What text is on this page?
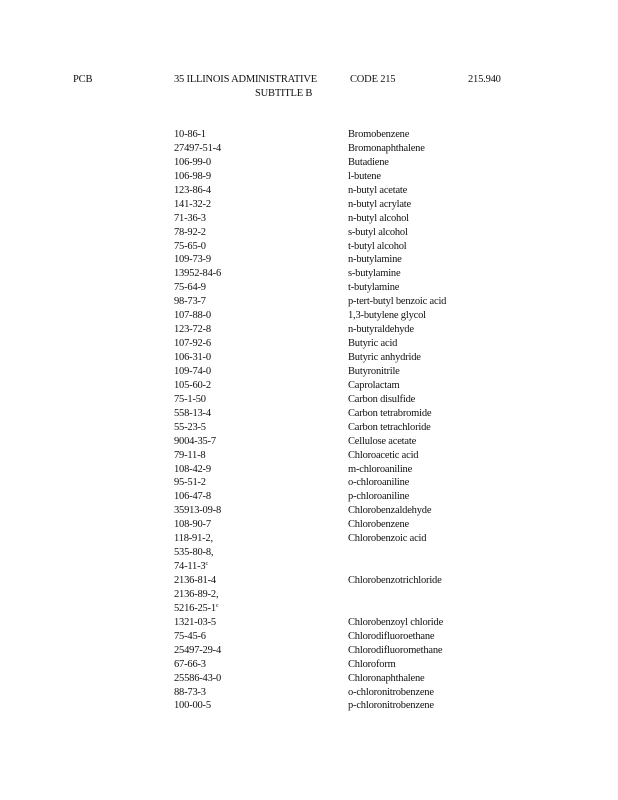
PCB	35 ILLINOIS ADMINISTRATIVE
SUBTITLE B
CODE 215	215.940
10-86-1	Bromobenzene
27497-51-4	Bromonaphthalene
106-99-0	Butadiene
106-98-9	l-butene
123-86-4	n-butyl acetate
141-32-2	n-butyl acrylate
71-36-3	n-butyl alcohol
78-92-2	s-butyl alcohol
75-65-0	t-butyl alcohol
109-73-9	n-butylamine
13952-84-6	s-butylamine
75-64-9	t-butylamine
98-73-7	p-tert-butyl benzoic acid
107-88-0	1,3-butylene glycol
123-72-8	n-butyraldehyde
107-92-6	Butyric acid
106-31-0	Butyric anhydride
109-74-0	Butyronitrile
105-60-2	Caprolactam
75-1-50	Carbon disulfide
558-13-4	Carbon tetrabromide
55-23-5	Carbon tetrachloride
9004-35-7	Cellulose acetate
79-11-8	Chloroacetic acid
108-42-9	m-chloroaniline
95-51-2	o-chloroaniline
106-47-8	p-chloroaniline
35913-09-8	Chlorobenzaldehyde
108-90-7	Chlorobenzene
118-91-2,	Chlorobenzoic acid
535-80-8,
74-11-3$^c$
2136-81-4	Chlorobenzotrichloride
2136-89-2,
5216-25-1$^c$
1321-03-5	Chlorobenzoyl chloride
75-45-6	Chlorodifluoroethane
25497-29-4	Chlorodifluoromethane
67-66-3	Chloroform
25586-43-0	Chloronaphthalene
88-73-3	o-chloronitrobenzene
100-00-5	p-chloronitrobenzene
